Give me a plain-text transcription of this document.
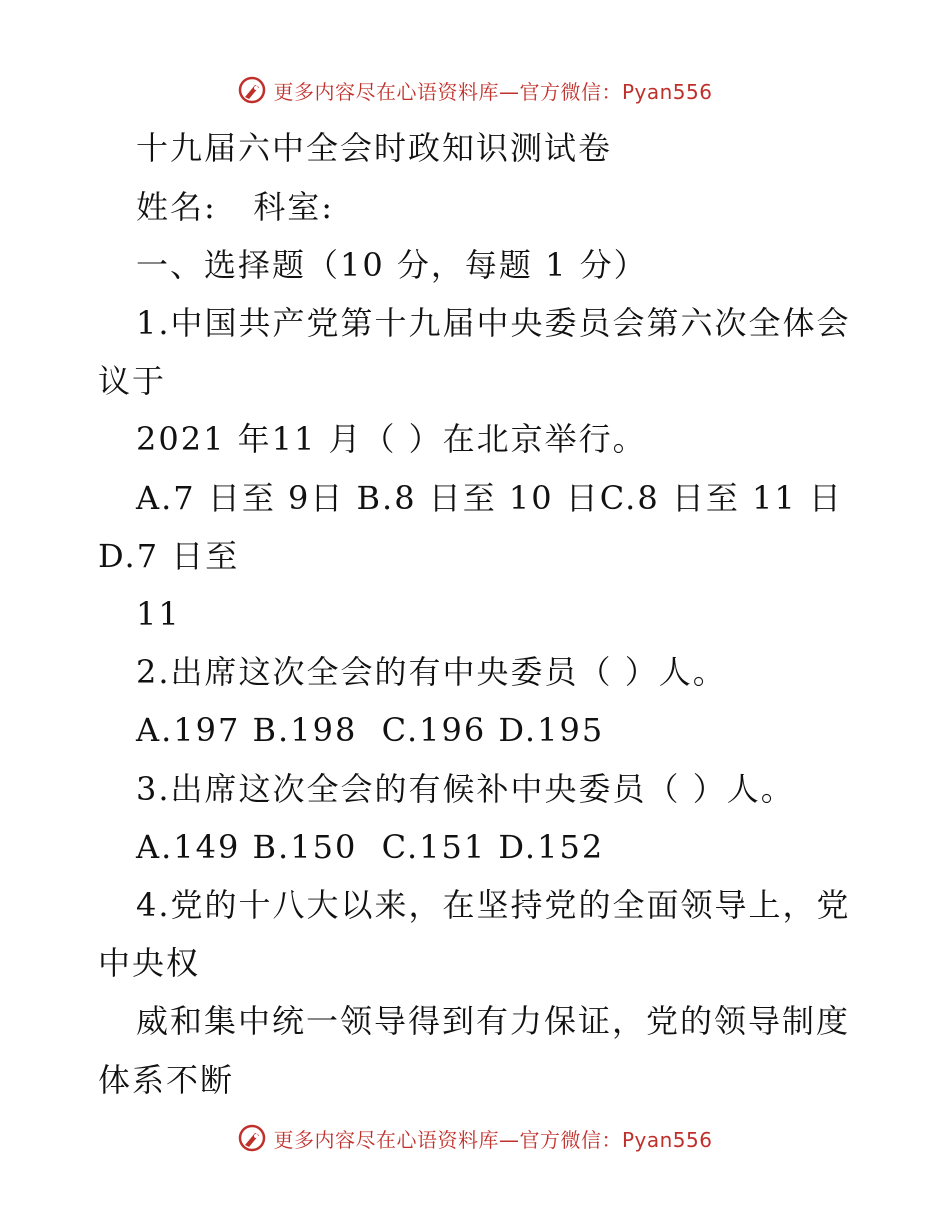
更多内容尽在心语资料库—官方微信：Pyan556
十九届六中全会时政知识测试卷
姓名:   科室:
一、选择题（10 分，每题 1 分）
1.中国共产党第十九届中央委员会第六次全体会
议于
2021 年11 月（ ）在北京举行。
A.7 日至 9日 B.8 日至 10 日C.8 日至 11 日
D.7 日至
11
2.出席这次全会的有中央委员（ ）人。
A.197 B.198  C.196 D.195
3.出席这次全会的有候补中央委员（ ）人。
A.149 B.150  C.151 D.152
4.党的十八大以来，在坚持党的全面领导上，党
中央权
威和集中统一领导得到有力保证，党的领导制度
体系不断
更多内容尽在心语资料库—官方微信：Pyan556
